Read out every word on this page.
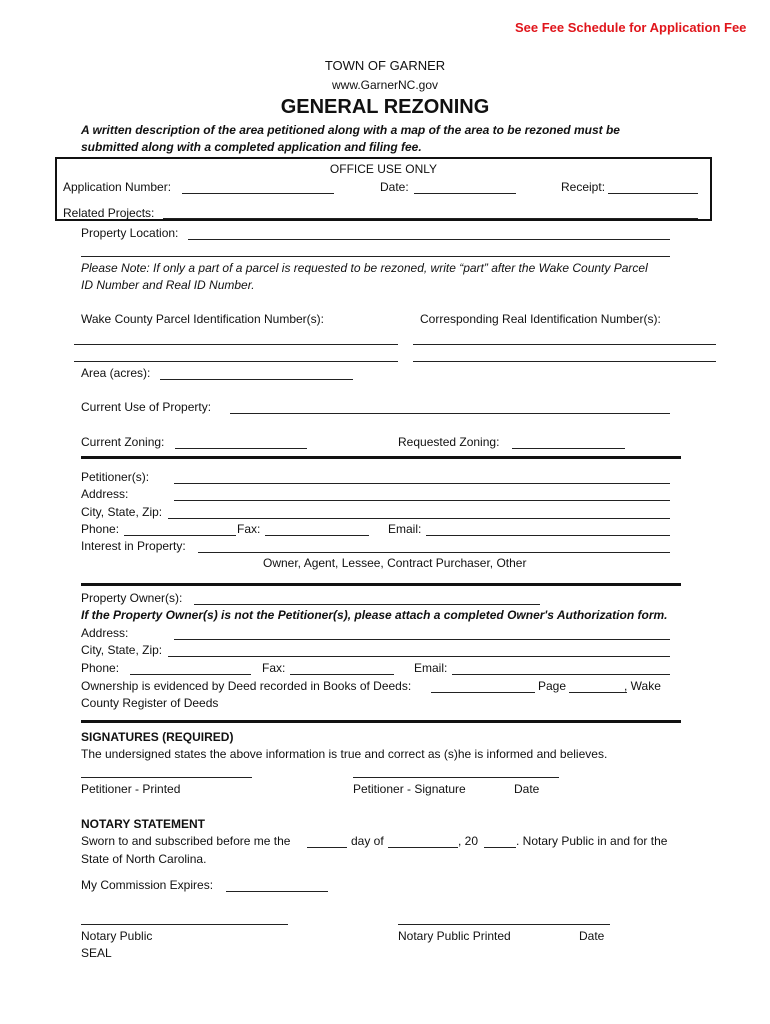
See Fee Schedule for Application Fee
TOWN OF GARNER
www.GarnerNC.gov
GENERAL REZONING
A written description of the area petitioned along with a map of the area to be rezoned must be
submitted along with a completed application and filing fee.
OFFICE USE ONLY
Application Number:	Date:	Receipt:
Related Projects:
Property Location:
Please Note: If only a part of a parcel is requested to be rezoned, write “part” after the Wake County Parcel
ID Number and Real ID Number.
Wake County Parcel Identification Number(s):	Corresponding Real Identification Number(s):
Area (acres):
Current Use of Property:
Current Zoning:	Requested Zoning:
Petitioner(s):
Address:
City, State, Zip:
Phone:	Fax:	Email:
Interest in Property:
Owner, Agent, Lessee, Contract Purchaser, Other
Property Owner(s):
If the Property Owner(s) is not the Petitioner(s), please attach a completed Owner's Authorization form.
Address:
City, State, Zip:
Phone:	Fax:	Email:
Ownership is evidenced by Deed recorded in Books of Deeds:	Page	, Wake
County Register of Deeds
SIGNATURES (REQUIRED)
The undersigned states the above information is true and correct as (s)he is informed and believes.
Petitioner - Printed	Petitioner - Signature	Date
NOTARY STATEMENT
Sworn to and subscribed before me the	day of	, 20	. Notary Public in and for the
State of North Carolina.
My Commission Expires:
Notary Public
SEAL
Notary Public Printed	Date
